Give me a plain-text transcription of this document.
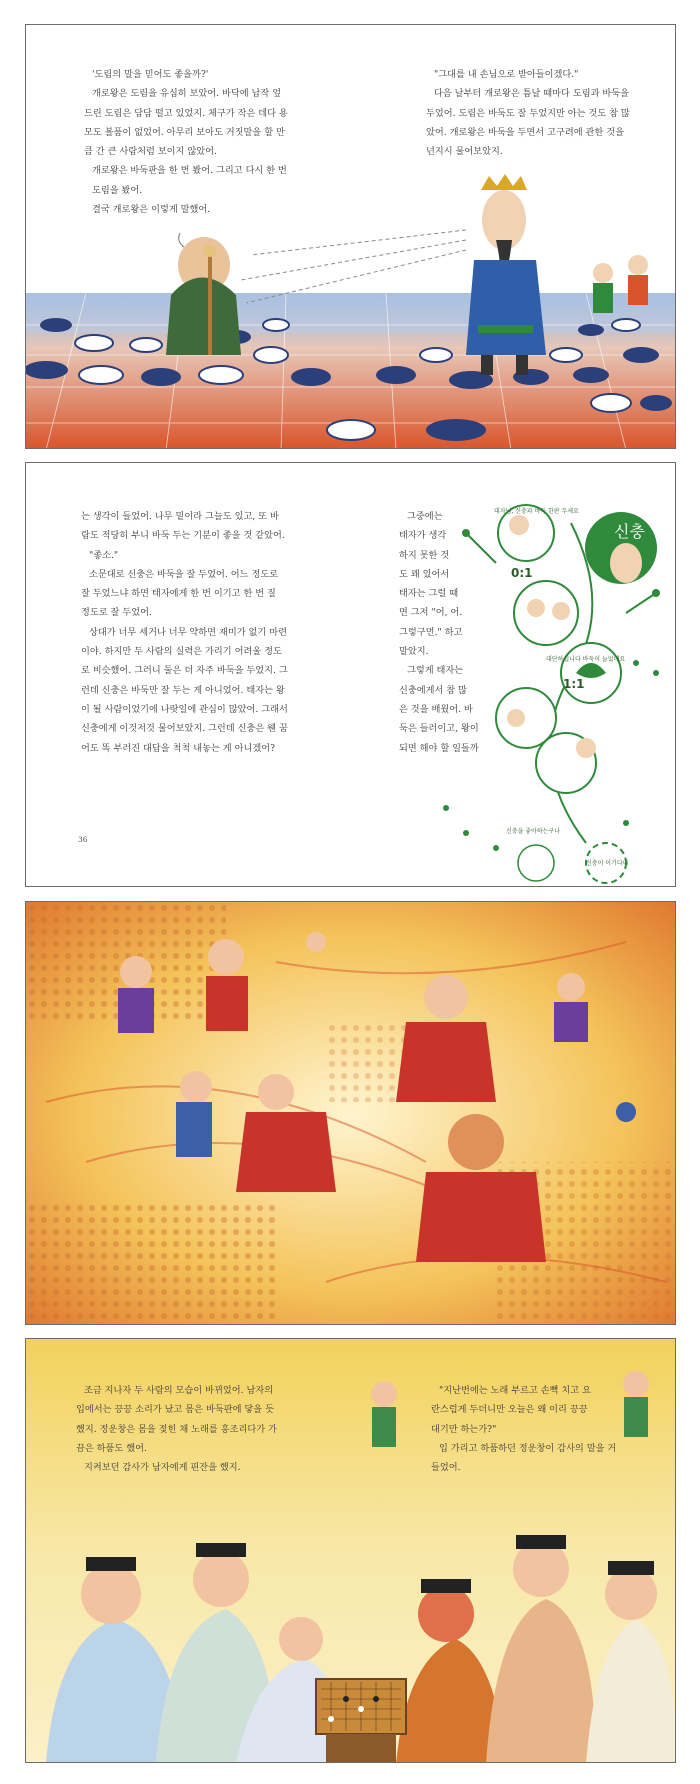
'도림의 말을 믿어도 좋을까?'

개로왕은 도림을 유심히 보았어. 바닥에 납작 엎

드린 도림은 담담 떨고 있었지. 체구가 작은 데다 용

모도 볼품이 없었어. 아무리 보아도 거짓말을 할 만

큼 간 큰 사람처럼 보이지 않았어.

개로왕은 바둑판을 한 번 봤어. 그리고 다시 한 번

도림을 봤어.

결국 개로왕은 이렇게 말했어.

"그대를 내 손님으로 받아들이겠다."

다음 날부터 개로왕은 틈날 때마다 도림과 바둑을

두었어. 도림은 바둑도 잘 두었지만 아는 것도 참 많

았어. 개로왕은 바둑을 두면서 고구려에 관한 것을

넌지시 물어보았지.

신충
0:1
1:1
대자님, 신충과 바둑 한판 두세요
대단하십니다 바둑이 늘었네요
신충을 좋아하는구나
신충이 이기다니

는 생각이 들었어. 나무 밑이라 그늘도 있고, 또 바

람도 적당히 부니 바둑 두는 기분이 좋을 것 같았어.

"좋소."

소문대로 신충은 바둑을 잘 두었어. 어느 정도로

잘 두었느냐 하면 태자에게 한 번 이기고 한 번 질

정도로 잘 두었어.

상대가 너무 세거나 너무 약하면 재미가 없기 마련

이야. 하지만 두 사람의 실력은 가리기 어려울 정도

로 비슷했어. 그러니 둘은 더 자주 바둑을 두었지. 그

런데 신충은 바둑만 잘 두는 게 아니었어. 태자는 왕

이 될 사람이었기에 나랏일에 관심이 많았어. 그래서

신충에게 이것저것 물어보았지. 그런데 신충은 웬 꿈

어도 똑 부러진 대답을 척척 내놓는 게 아니겠어?

그중에는

태자가 생각

하지 못한 것

도 꽤 있어서

태자는 그럴 때

면 그저 "어, 어.

그렇구먼." 하고

말았지.

그렇게 태자는

신충에게서 참 많

은 것을 배웠어. 바

둑은 들러이고, 왕이

되면 해야 할 일들까

36

조금 지나자 두 사람의 모습이 바뀌었어. 남자의

입에서는 끙끙 소리가 났고 몸은 바둑판에 닿을 듯

했지. 정운창은 몸을 젖힌 채 노래를 흥조리다가 가

끔은 하품도 했어.

지켜보던 감사가 남자에게 핀잔을 했지.

"지난번에는 노래 부르고 손뼉 치고 요

란스럽게 두더니만 오늘은 왜 이리 끙끙

대기만 하는가?"

입 가리고 하품하던 정운창이 감사의 말을 거

들었어.
